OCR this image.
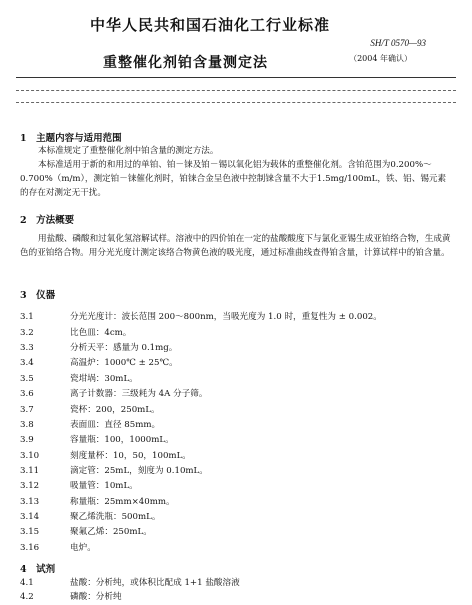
中华人民共和国石油化工行业标准
SH/T 0570—93
重整催化剂铂含量测定法	（2004 年确认）
1　主题内容与适用范围
本标准规定了重整催化剂中铂含量的测定方法。
本标准适用于新的和用过的单铂、铂－铼及铂－锡以氧化铝为载体的重整催化剂。含铂范围为0.200%～0.700%（m/m），测定铂－铼催化剂时，铂铼合金呈色液中控制铼含量不大于1.5mg/100mL，铁、铝、锡元素的存在对测定无干扰。
2　方法概要
用盐酸、磷酸和过氧化氢溶解试样。溶液中的四价铂在一定的盐酸酸度下与氯化亚锡生成亚铂络合物，生成黄色的亚铂络合物。用分光光度计测定该络合物黄色液的吸光度，通过标准曲线查得铂含量，计算试样中的铂含量。
3　仪器
3.1	分光光度计：波长范围 200～800nm，当吸光度为 1.0 时，重复性为 ± 0.002。
3.2	比色皿：4cm。
3.3	分析天平：感量为 0.1mg。
3.4	高温炉：1000℃ ± 25℃。
3.5	瓷坩埚：30mL。
3.6	离子计数器：三级耗为 4A 分子筛。
3.7	瓷杯：200，250mL。
3.8	表面皿：直径 85mm。
3.9	容量瓶：100，1000mL。
3.10	刻度量杯：10，50，100mL。
3.11	滴定管：25mL，刻度为 0.10mL。
3.12	吸量管：10mL。
3.13	称量瓶：25mm×40mm。
3.14	聚乙烯洗瓶：500mL。
3.15	聚氟乙烯：250mL。
3.16	电炉。
4　试剂
4.1	盐酸：分析纯，或体积比配成 1+1 盐酸溶液
4.2	磷酸：分析纯
